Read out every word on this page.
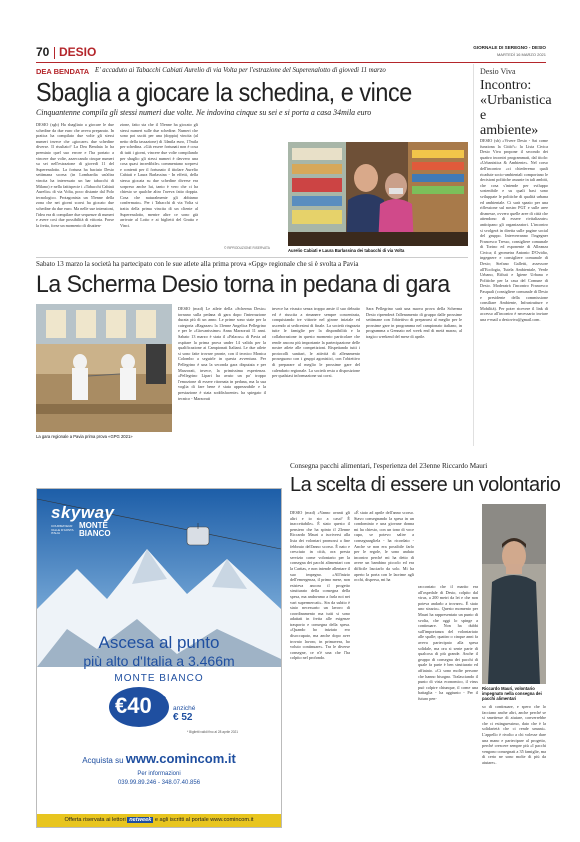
70 DESIO	GIORNALE DI SEREGNO - DESIO
MARTEDÌ 16 MARZO 2021
DEA BENDATA E' accaduto ai Tabacchi Cabiati Aurelio di via Volta per l'estrazione del Superenalotto di giovedì 11 marzo
Sbaglia a giocare la schedina, e vince
Cinquantenne compila gli stessi numeri due volte. Ne indovina cinque su sei e si porta a casa 34mila euro
DESIO (sgb) Ha sbagliato a giocare le due schedine da due euro che aveva preparato. In pratica ha compilato due volte gli stessi numeri invece che «giocare» due schedine diverse. Il risultato? La Dea Bendata lo ha premiato quel suo errore e l'ha portato a vincere due volte, azzeccando cinque numeri su sei nell'estrazione di giovedì 11 del Superenalotto. La fortuna ha baciato Desio settimana scorsa (in Lombardia un'altra vincita ha interessato un bar tabacchi di Milano) e nella fattispecie i «Tabacchi Cabiati Aurelio» di via Volta, poco distante dal Polo tecnologico. Protagonista un 55enne della zona che nei giorni scorsi ha giocato due schedine da due euro. Ma nelle sue intenzioni, l'idea era di compilare due sequenze di numeri e avere così due possibilità di vittoria. Forse la fretta, forse un momento di disatten-
zione, fatto sta che il 55enne ha giocato gli stessi numeri sulle due schedine. Numeri che sono poi usciti per una (doppia) vincita (al netto della tassazione) di 34mila euro, 17mila per schedina. «Già essere fortunati non è cosa di tutti i giorni, vincere due volte compilando per sbaglio gli stessi numeri è davvero una cosa quasi incredibile» commentano sorpresi e contenti per il fortunato il titolare Aurelio Cabiati e Laura Barlassina - In effetti, della stessa giocata su due schedine diverse era sorpreso anche lui, tanto è vero che ci ha chiesto se qualche altro l'aveva fatto doppia. Cosa che naturalmente gli abbiamo confermato». Per i Tabacchi di via Volta si tratta della prima vincita di un cliente al Superenalotto, mentre altre ce sono già arrivate al Lotto e ai biglietti del Gratta e Vinci.
© RIPRODUZIONE RISERVATA	Aurelio Cabiati e Laura Barlassina dei tabacchi di via Volta
Desio Viva
Incontro: «Urbanistica e ambiente»
DESIO (sb) «Vivere Desio - Sai come funziona la Città?»: la Lista Civica Desio Viva propone il secondo dei quattro incontri programmati, dal titolo: «Urbanistica & Ambiente». Nel corso dell'incontro «ci chiederemo quali ricadute socio-ambientali comportano le decisioni politiche assunte in tali ambiti, che cosa s'intende per sviluppo sostenibile e su quali basi sono sviluppate le politiche di qualità urbana ed ambientale. Ci sarà spazio per una riflessione sul nostro PGT e sulle aree dismesse, ovvero quelle aree di città che attendono di essere rivitalizzate» anticipano gli organizzatori. L'incontro si svolgerà in diretta sulle pagine social del gruppo. Interverranno l'ingegner Francesco Tresso, consigliere comunale di Torino ed esponente di Alleanza Civica; il geometra Antonio D'Ovidio, ingegnere e consigliere comunale di Desio; Stefano Galletti, assessore all'Ecologia, Tutela Ambientale, Verde Urbano, Rifiuti e Igiene Urbana e Politiche per la casa del Comune di Desio. Moderatrà l'incontro Francesco Pasquali (consigliere comunale di Desio e presidente della commissione consiliare Ambiente, Infrastrutture e Mobilità). Per poter ricevere il link di accesso all'incontro è necessario inviare una e-mail a desioviva@gmail.com.
Sabato 13 marzo la società ha partecipato con le sue atlete alla prima prova «Gpg» regionale che si è svolta a Pavia
La Scherma Desio torna in pedana di gara
La gara regionale a Pavia prima prova «GPG 2021»
DESIO (mxd) Le atlete della «Scherma Desio» tornano sulla pedana di gara dopo l'interruzione durata più di un anno. Le prime sono state per la categoria «Ragazze» la 13enne Angelica Pellegrino e per le «Giovanissime» Anna Marzorati 11 anni. Sabato 13 marzo è stata il «Palacus» di Pavia ad ospitare la prima prova under 14 valida per la qualificazione ai Campionati Italiani. Le due atlete si sono fatte trovare pronte, con il tecnico Monica Colombo a seguirle in questa avventura. Per Pellegrino è una la seconda gara disputata e per Marzorati, invece, la primissima esperienza. «Pellegrino Lipari ha avuto un po' troppo l'emozione di essere ritornata in pedana, ma la sua voglia di fare bene è stata apprezzabile e la prestazione è stata soddisfacente» ha spiegato il tecnico - Marzorati
invece ha vissuto senza troppo ansie il suo debutto ed è riuscita a rimanere sempre concentrata, conquistando tre vittorie nel girone iniziale ed uscendo ai sedicesimi di finale. La società ringrazia tutte le famiglie per la disponibilità e la collaborazione in questo momento particolare che rende ancora più importante la partecipazione delle nostre atlete alle competizioni. Rispettando tutti i protocolli sanitari, le attività di allenamento proseguono con i gruppi agonistici, con l'obiettivo di preparare al meglio le prossime gare del calendario regionale. La società resta a disposizione per qualsiasi informazione sui corsi.
Sara Pellegrino sarà una nuova prova della Scherma Desio riprenderà l'allenamento di gruppo dalle prossime settimane con l'obiettivo di prepararsi al meglio per le prossime gare in programma nel campionato italiano, in programma a Gennaio nel week end di metà marzo, al tragico weekend del mese di aprile.
skyway
MONTE BIANCO
COURMAYEUR VALLE D'AOSTA ITALIA
Ascesa al punto
più alto d'Italia a 3.466m
MONTE BIANCO
€40 *
anziché
€ 52
* Biglietti validi fino al 28 aprile 2021
Acquista su www.comincom.it
Per informazioni
039.99.89.246 - 348.07.40.856
Offerta riservata ai lettori netweek e agli iscritti al portale www.comincom.it
Consegna pacchi alimentari, l'esperienza del 23enne Riccardo Mauri
La scelta di essere un volontario
DESIO (mxd) «Vanno avanti gli altri e io sto a casa? È inaccettabile». È stato questo il pensiero che ha spinto il 23enne Riccardo Mauri a iscriversi alla lista dei volontari promossi a fine febbraio dell'anno scorso. È nato e cresciuto in città, ora presta servizio come volontario per la consegna dei pacchi alimentari con la Caritas, e non intende allentare il suo impegno. «All'inizio dell'emergenza, il primo mese, non esisteva ancora il progetto strutturato della consegna della spesa, ma andavamo a farla noi nei vari supermercati». Sin da subito è stato necessario un lavoro di coordinamento ma tutti si sono adattati in fretta alle esigenze trasporto e consegna della spesa. «Quando ho iniziato ero disoccupato, ma anche dopo aver trovato lavoro, in primavera, ho voluto continuare». Tra le diverse consegne, ce n'è una che l'ha colpito nel profondo.
«È stato ad aprile dell'anno scorso. Stavo consegnando la spesa in un condominio e una giovane donna mi ha chiesto, con un tono di voce cupo, se potevo salire a consegnargliela - ha ricordato - Anche se non era possibile farlo per le regole, le sono andato incontro perché mi ha detto di avere un bambino piccolo ed era difficile lasciarlo da solo. Mi ha aperto la porta con le lacrime agli occhi, dispersa, mi ha
raccontato che il marito era all'ospedale di Desio, colpito dal virus, a 200 metri da lei e che non poteva andarlo a trovare». È stato uno strazio». Questo momento per Mauri ha rappresentato un punto di svolta, che oggi lo spinge a continuare. Non ha dubbi sull'importanza del volontariato alle spalle; quattro o cinque anni fa aveva partecipato alla spesa solidale, ma ora si sente parte di qualcosa di più grande. Anche il gruppo di consegna dei pacchi di quale fa parte è ben strutturato ed affiatato. «Ci sono molte persone che hanno bisogno. Tralasciando il punto di vista economico, il virus può colpire chiunque, il come una battaglia - ha aggiunto - Per il futuro pen-
Riccardo Mauri, volontario impegnato nella consegna dei pacchi alimentari
so di continuare, e spero che lo facciano anche altri, anche perché se si smettesse di aiutare, converrebbe che ci estinguessimo, dato che è la solidarietà che ci rende umani». L'appello è rivolto a chi volesse dare una mano e partecipare al progetto, perché crescere sempre più «I pacchi vengono consegnati a 35 famiglie, ma di certo ne sono molte di più da aiutare».
